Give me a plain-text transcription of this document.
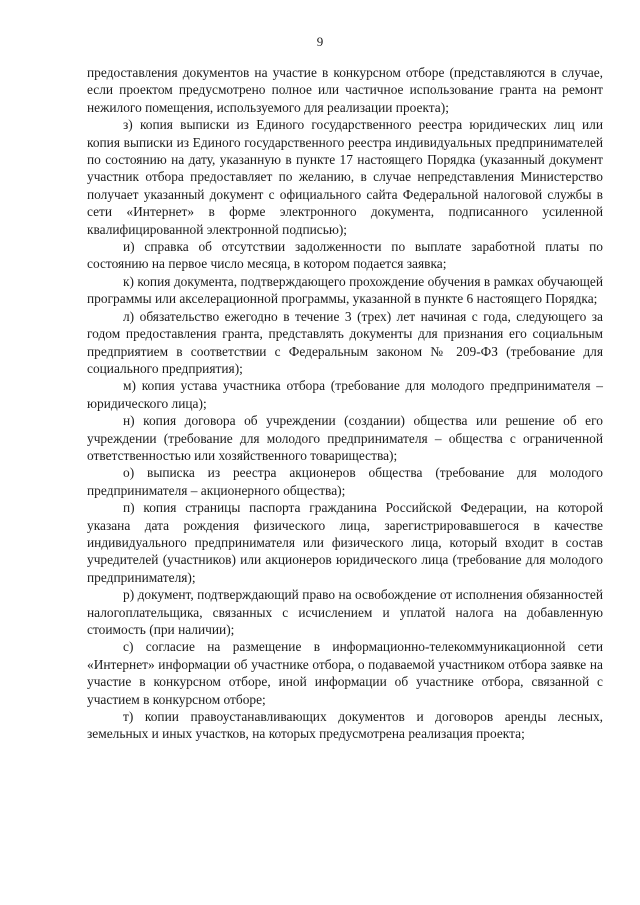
9

предоставления документов на участие в конкурсном отборе (представляются в случае, если проектом предусмотрено полное или частичное использование гранта на ремонт нежилого помещения, используемого для реализации проекта);

з) копия выписки из Единого государственного реестра юридических лиц или копия выписки из Единого государственного реестра индивидуальных предпринимателей по состоянию на дату, указанную в пункте 17 настоящего Порядка (указанный документ участник отбора предоставляет по желанию, в случае непредставления Министерство получает указанный документ с официального сайта Федеральной налоговой службы в сети «Интернет» в форме электронного документа, подписанного усиленной квалифицированной электронной подписью);

и) справка об отсутствии задолженности по выплате заработной платы по состоянию на первое число месяца, в котором подается заявка;

к) копия документа, подтверждающего прохождение обучения в рамках обучающей программы или акселерационной программы, указанной в пункте 6 настоящего Порядка;

л) обязательство ежегодно в течение 3 (трех) лет начиная с года, следующего за годом предоставления гранта, представлять документы для признания его социальным предприятием в соответствии с Федеральным законом № 209-ФЗ (требование для социального предприятия);

м) копия устава участника отбора (требование для молодого предпринимателя – юридического лица);

н) копия договора об учреждении (создании) общества или решение об его учреждении (требование для молодого предпринимателя – общества с ограниченной ответственностью или хозяйственного товарищества);

о) выписка из реестра акционеров общества (требование для молодого предпринимателя – акционерного общества);

п) копия страницы паспорта гражданина Российской Федерации, на которой указана дата рождения физического лица, зарегистрировавшегося в качестве индивидуального предпринимателя или физического лица, который входит в состав учредителей (участников) или акционеров юридического лица (требование для молодого предпринимателя);

р) документ, подтверждающий право на освобождение от исполнения обязанностей налогоплательщика, связанных с исчислением и уплатой налога на добавленную стоимость (при наличии);

с) согласие на размещение в информационно-телекоммуникационной сети «Интернет» информации об участнике отбора, о подаваемой участником отбора заявке на участие в конкурсном отборе, иной информации об участнике отбора, связанной с участием в конкурсном отборе;

т) копии правоустанавливающих документов и договоров аренды лесных, земельных и иных участков, на которых предусмотрена реализация проекта;
